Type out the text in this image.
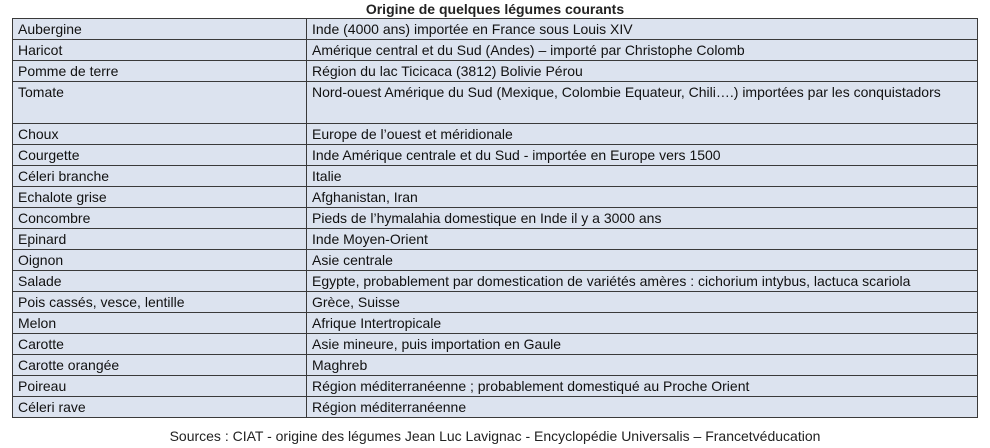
Origine de quelques légumes courants
Aubergine	Inde (4000 ans) importée en France sous Louis XIV
Haricot	Amérique central et du Sud (Andes) – importé par Christophe Colomb
Pomme de terre	Région du lac Ticicaca (3812) Bolivie Pérou
Tomate	Nord-ouest Amérique du Sud (Mexique, Colombie Equateur, Chili….) importées par les conquistadors
Choux	Europe de l’ouest et méridionale
Courgette	Inde Amérique centrale et du Sud - importée en Europe vers 1500
Céleri branche	Italie
Echalote grise	Afghanistan, Iran
Concombre	Pieds de l’hymalahia domestique en Inde il y a 3000 ans
Epinard	Inde Moyen-Orient
Oignon	Asie centrale
Salade	Egypte, probablement par domestication de variétés amères : cichorium intybus, lactuca scariola
Pois cassés, vesce, lentille	Grèce, Suisse
Melon	Afrique Intertropicale
Carotte	Asie mineure, puis importation en Gaule
Carotte orangée	Maghreb
Poireau	Région méditerranéenne ; probablement domestiqué au Proche Orient
Céleri rave	Région méditerranéenne
Sources : CIAT - origine des légumes Jean Luc Lavignac - Encyclopédie Universalis – Francetvéducation
